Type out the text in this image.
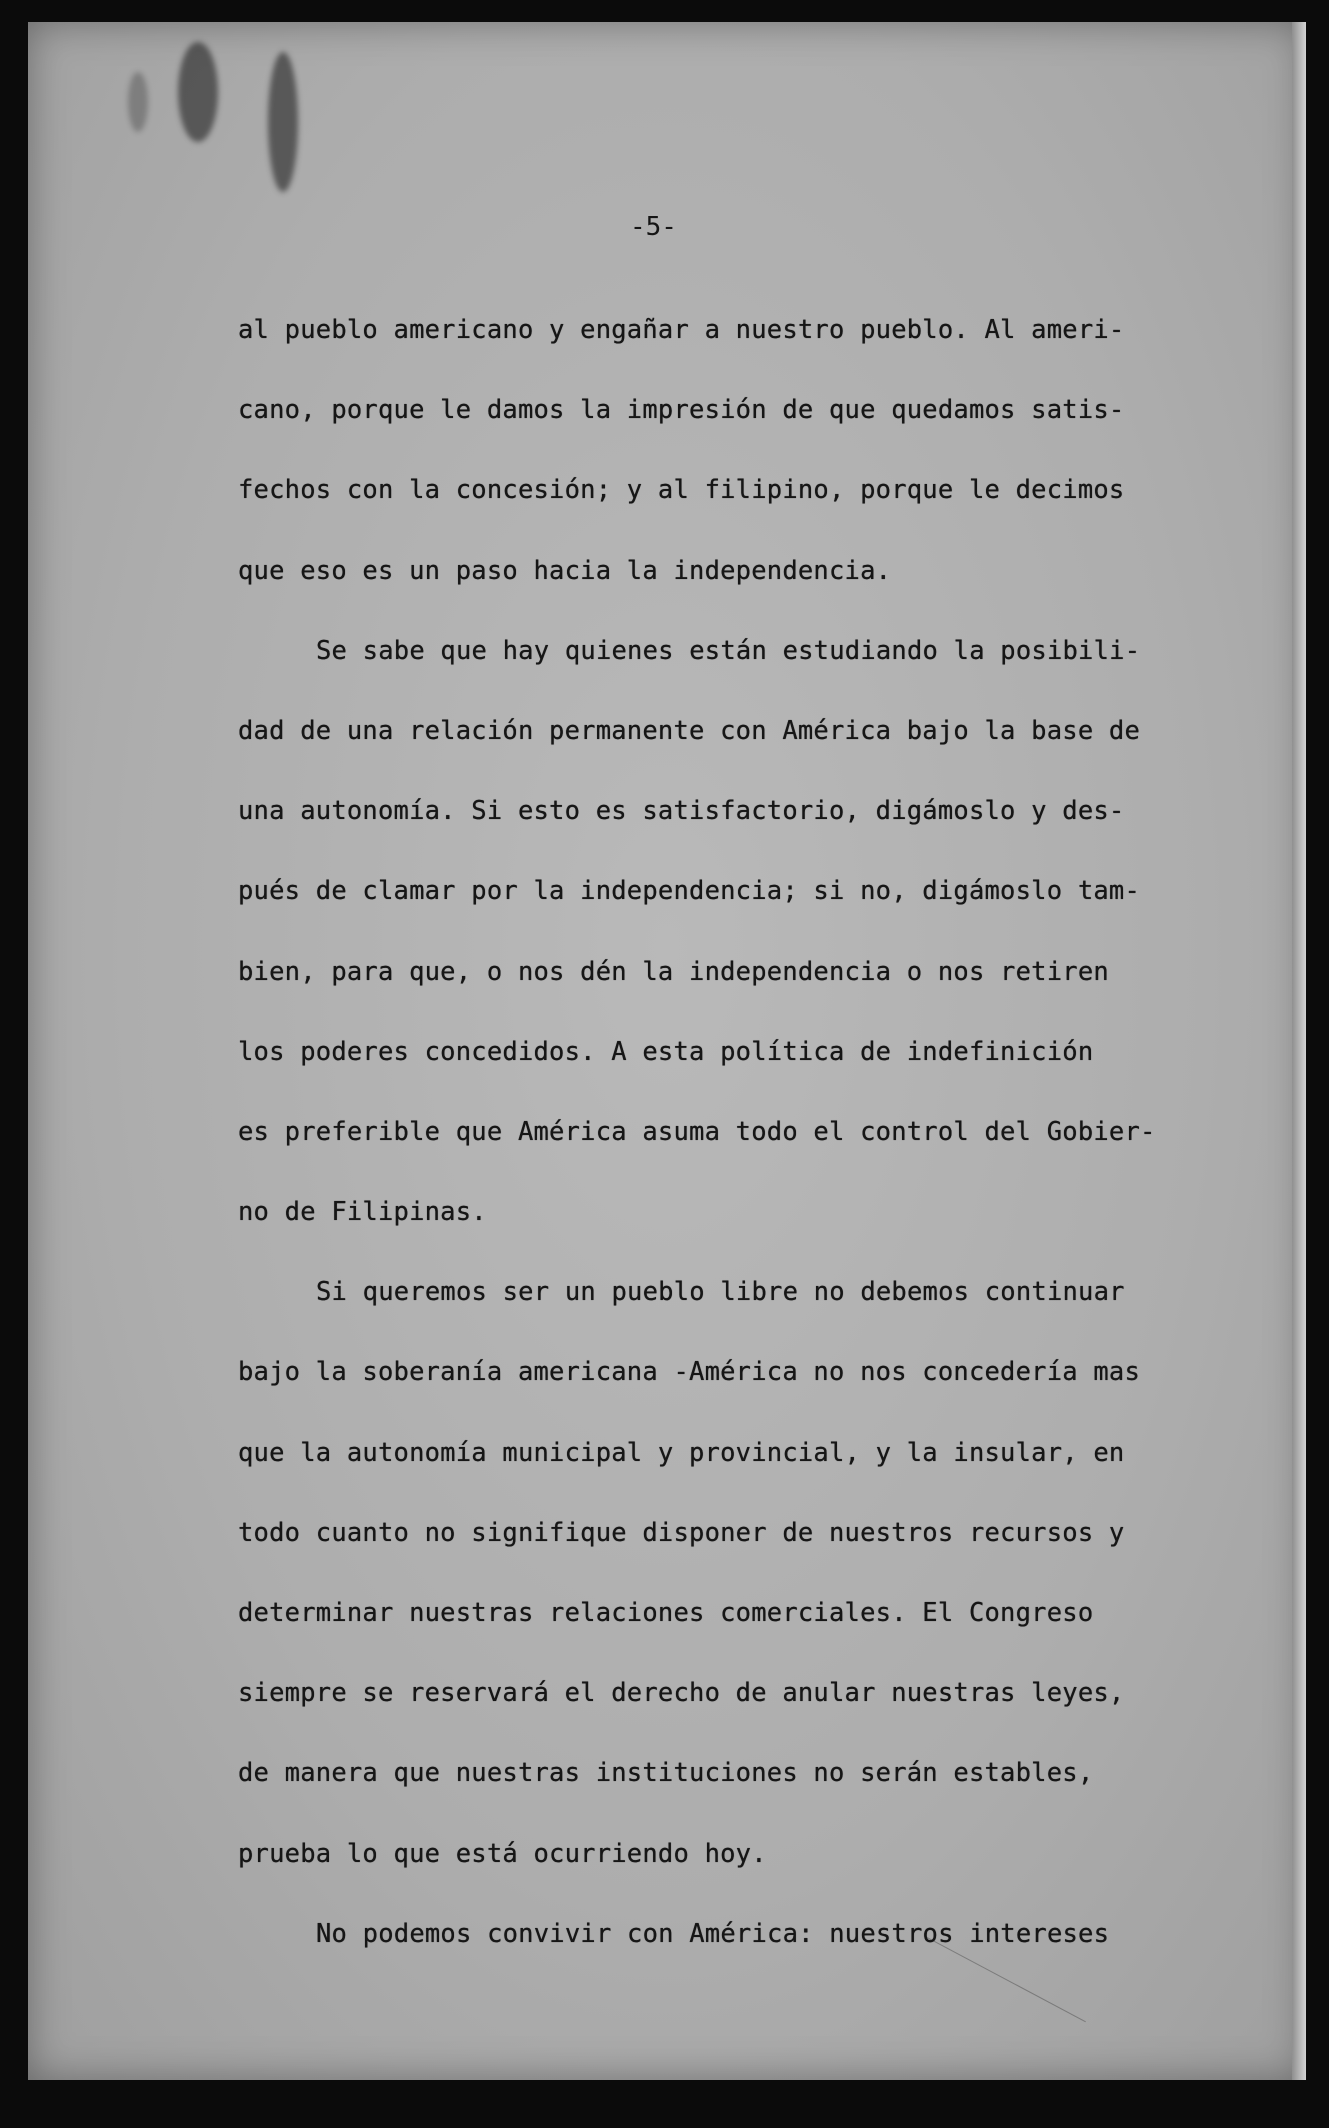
-5-
al pueblo americano y engañar a nuestro pueblo. Al ameri-
cano, porque le damos la impresión de que quedamos satis-
fechos con la concesión; y al filipino, porque le decimos
que eso es un paso hacia la independencia.
Se sabe que hay quienes están estudiando la posibili-
dad de una relación permanente con América bajo la base de
una autonomía. Si esto es satisfactorio, digámoslo y des-
pués de clamar por la independencia; si no, digámoslo tam-
bien, para que, o nos dén la independencia o nos retiren
los poderes concedidos. A esta política de indefinición
es preferible que América asuma todo el control del Gobier-
no de Filipinas.
Si queremos ser un pueblo libre no debemos continuar
bajo la soberanía americana -América no nos concedería mas
que la autonomía municipal y provincial, y la insular, en
todo cuanto no signifique disponer de nuestros recursos y
determinar nuestras relaciones comerciales. El Congreso
siempre se reservará el derecho de anular nuestras leyes,
de manera que nuestras instituciones no serán estables,
prueba lo que está ocurriendo hoy.
No podemos convivir con América: nuestros intereses
